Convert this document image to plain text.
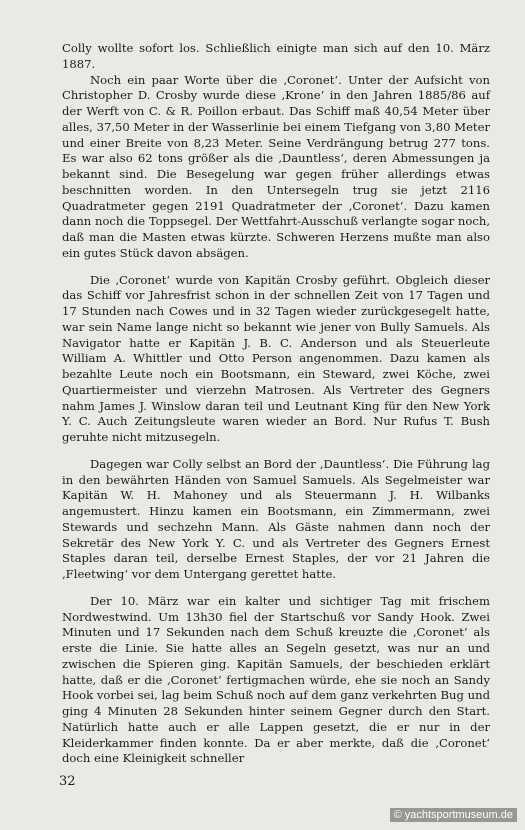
Colly wollte sofort los. Schließlich einigte man sich auf den 10. März 1887.

Noch ein paar Worte über die ‚Coronet‘. Unter der Aufsicht von Christopher D. Crosby wurde diese ‚Krone‘ in den Jahren 1885/86 auf der Werft von C. & R. Poillon erbaut. Das Schiff maß 40,54 Meter über alles, 37,50 Meter in der Wasserlinie bei einem Tiefgang von 3,80 Meter und einer Breite von 8,23 Meter. Seine Verdrängung betrug 277 tons. Es war also 62 tons größer als die ‚Dauntless‘, deren Abmessungen ja bekannt sind. Die Besegelung war gegen früher allerdings etwas beschnitten worden. In den Untersegeln trug sie jetzt 2116 Quadratmeter gegen 2191 Quadratmeter der ‚Coronet‘. Dazu kamen dann noch die Toppsegel. Der Wettfahrt-Ausschuß verlangte sogar noch, daß man die Masten etwas kürzte. Schweren Herzens mußte man also ein gutes Stück davon absägen.

Die ‚Coronet‘ wurde von Kapitän Crosby geführt. Obgleich dieser das Schiff vor Jahresfrist schon in der schnellen Zeit von 17 Tagen und 17 Stunden nach Cowes und in 32 Tagen wieder zurückgesegelt hatte, war sein Name lange nicht so bekannt wie jener von Bully Samuels. Als Navigator hatte er Kapitän J. B. C. Anderson und als Steuerleute William A. Whittler und Otto Person angenommen. Dazu kamen als bezahlte Leute noch ein Bootsmann, ein Steward, zwei Köche, zwei Quartiermeister und vierzehn Matrosen. Als Vertreter des Gegners nahm James J. Winslow daran teil und Leutnant King für den New York Y. C. Auch Zeitungsleute waren wieder an Bord. Nur Rufus T. Bush geruhte nicht mitzusegeln.

Dagegen war Colly selbst an Bord der ‚Dauntless‘. Die Führung lag in den bewährten Händen von Samuel Samuels. Als Segelmeister war Kapitän W. H. Mahoney und als Steuermann J. H. Wilbanks angemustert. Hinzu kamen ein Bootsmann, ein Zimmermann, zwei Stewards und sechzehn Mann. Als Gäste nahmen dann noch der Sekretär des New York Y. C. und als Vertreter des Gegners Ernest Staples daran teil, derselbe Ernest Staples, der vor 21 Jahren die ‚Fleetwing‘ vor dem Untergang gerettet hatte.

Der 10. März war ein kalter und sichtiger Tag mit frischem Nordwestwind. Um 13h30 fiel der Startschuß vor Sandy Hook. Zwei Minuten und 17 Sekunden nach dem Schuß kreuzte die ‚Coronet‘ als erste die Linie. Sie hatte alles an Segeln gesetzt, was nur an und zwischen die Spieren ging. Kapitän Samuels, der beschieden erklärt hatte, daß er die ‚Coronet‘ fertigmachen würde, ehe sie noch an Sandy Hook vorbei sei, lag beim Schuß noch auf dem ganz verkehrten Bug und ging 4 Minuten 28 Sekunden hinter seinem Gegner durch den Start. Natürlich hatte auch er alle Lappen gesetzt, die er nur in der Kleiderkammer finden konnte. Da er aber merkte, daß die ‚Coronet‘ doch eine Kleinigkeit schneller

32
© yachtsportmuseum.de
